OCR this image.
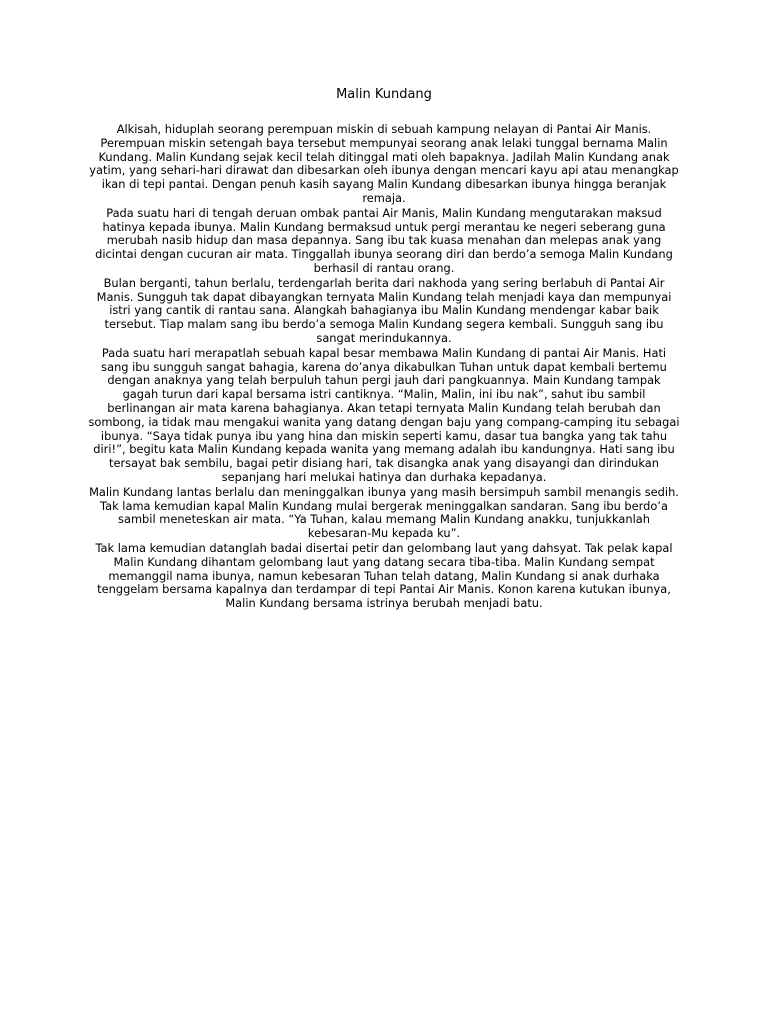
Malin Kundang

Alkisah, hiduplah seorang perempuan miskin di sebuah kampung nelayan di Pantai Air Manis. Perempuan miskin setengah baya tersebut mempunyai seorang anak lelaki tunggal bernama Malin Kundang. Malin Kundang sejak kecil telah ditinggal mati oleh bapaknya. Jadilah Malin Kundang anak yatim, yang sehari-hari dirawat dan dibesarkan oleh ibunya dengan mencari kayu api atau menangkap ikan di tepi pantai. Dengan penuh kasih sayang Malin Kundang dibesarkan ibunya hingga beranjak remaja.

Pada suatu hari di tengah deruan ombak pantai Air Manis, Malin Kundang mengutarakan maksud hatinya kepada ibunya. Malin Kundang bermaksud untuk pergi merantau ke negeri seberang guna merubah nasib hidup dan masa depannya. Sang ibu tak kuasa menahan dan melepas anak yang dicintai dengan cucuran air mata. Tinggallah ibunya seorang diri dan berdo’a semoga Malin Kundang berhasil di rantau orang.

Bulan berganti, tahun berlalu, terdengarlah berita dari nakhoda yang sering berlabuh di Pantai Air Manis. Sungguh tak dapat dibayangkan ternyata Malin Kundang telah menjadi kaya dan mempunyai istri yang cantik di rantau sana. Alangkah bahagianya ibu Malin Kundang mendengar kabar baik tersebut. Tiap malam sang ibu berdo’a semoga Malin Kundang segera kembali. Sungguh sang ibu sangat merindukannya.

Pada suatu hari merapatlah sebuah kapal besar membawa Malin Kundang di pantai Air Manis. Hati sang ibu sungguh sangat bahagia, karena do’anya dikabulkan Tuhan untuk dapat kembali bertemu dengan anaknya yang telah berpuluh tahun pergi jauh dari pangkuannya. Main Kundang tampak gagah turun dari kapal bersama istri cantiknya. “Malin, Malin, ini ibu nak”, sahut ibu sambil berlinangan air mata karena bahagianya. Akan tetapi ternyata Malin Kundang telah berubah dan sombong, ia tidak mau mengakui wanita yang datang dengan baju yang compang-camping itu sebagai ibunya. “Saya tidak punya ibu yang hina dan miskin seperti kamu, dasar tua bangka yang tak tahu diri!”, begitu kata Malin Kundang kepada wanita yang memang adalah ibu kandungnya. Hati sang ibu tersayat bak sembilu, bagai petir disiang hari, tak disangka anak yang disayangi dan dirindukan sepanjang hari melukai hatinya dan durhaka kepadanya.

Malin Kundang lantas berlalu dan meninggalkan ibunya yang masih bersimpuh sambil menangis sedih. Tak lama kemudian kapal Malin Kundang mulai bergerak meninggalkan sandaran. Sang ibu berdo’a sambil meneteskan air mata. “Ya Tuhan, kalau memang Malin Kundang anakku, tunjukkanlah kebesaran-Mu kepada ku”.

Tak lama kemudian datanglah badai disertai petir dan gelombang laut yang dahsyat. Tak pelak kapal Malin Kundang dihantam gelombang laut yang datang secara tiba-tiba. Malin Kundang sempat memanggil nama ibunya, namun kebesaran Tuhan telah datang, Malin Kundang si anak durhaka tenggelam bersama kapalnya dan terdampar di tepi Pantai Air Manis. Konon karena kutukan ibunya, Malin Kundang bersama istrinya berubah menjadi batu.
